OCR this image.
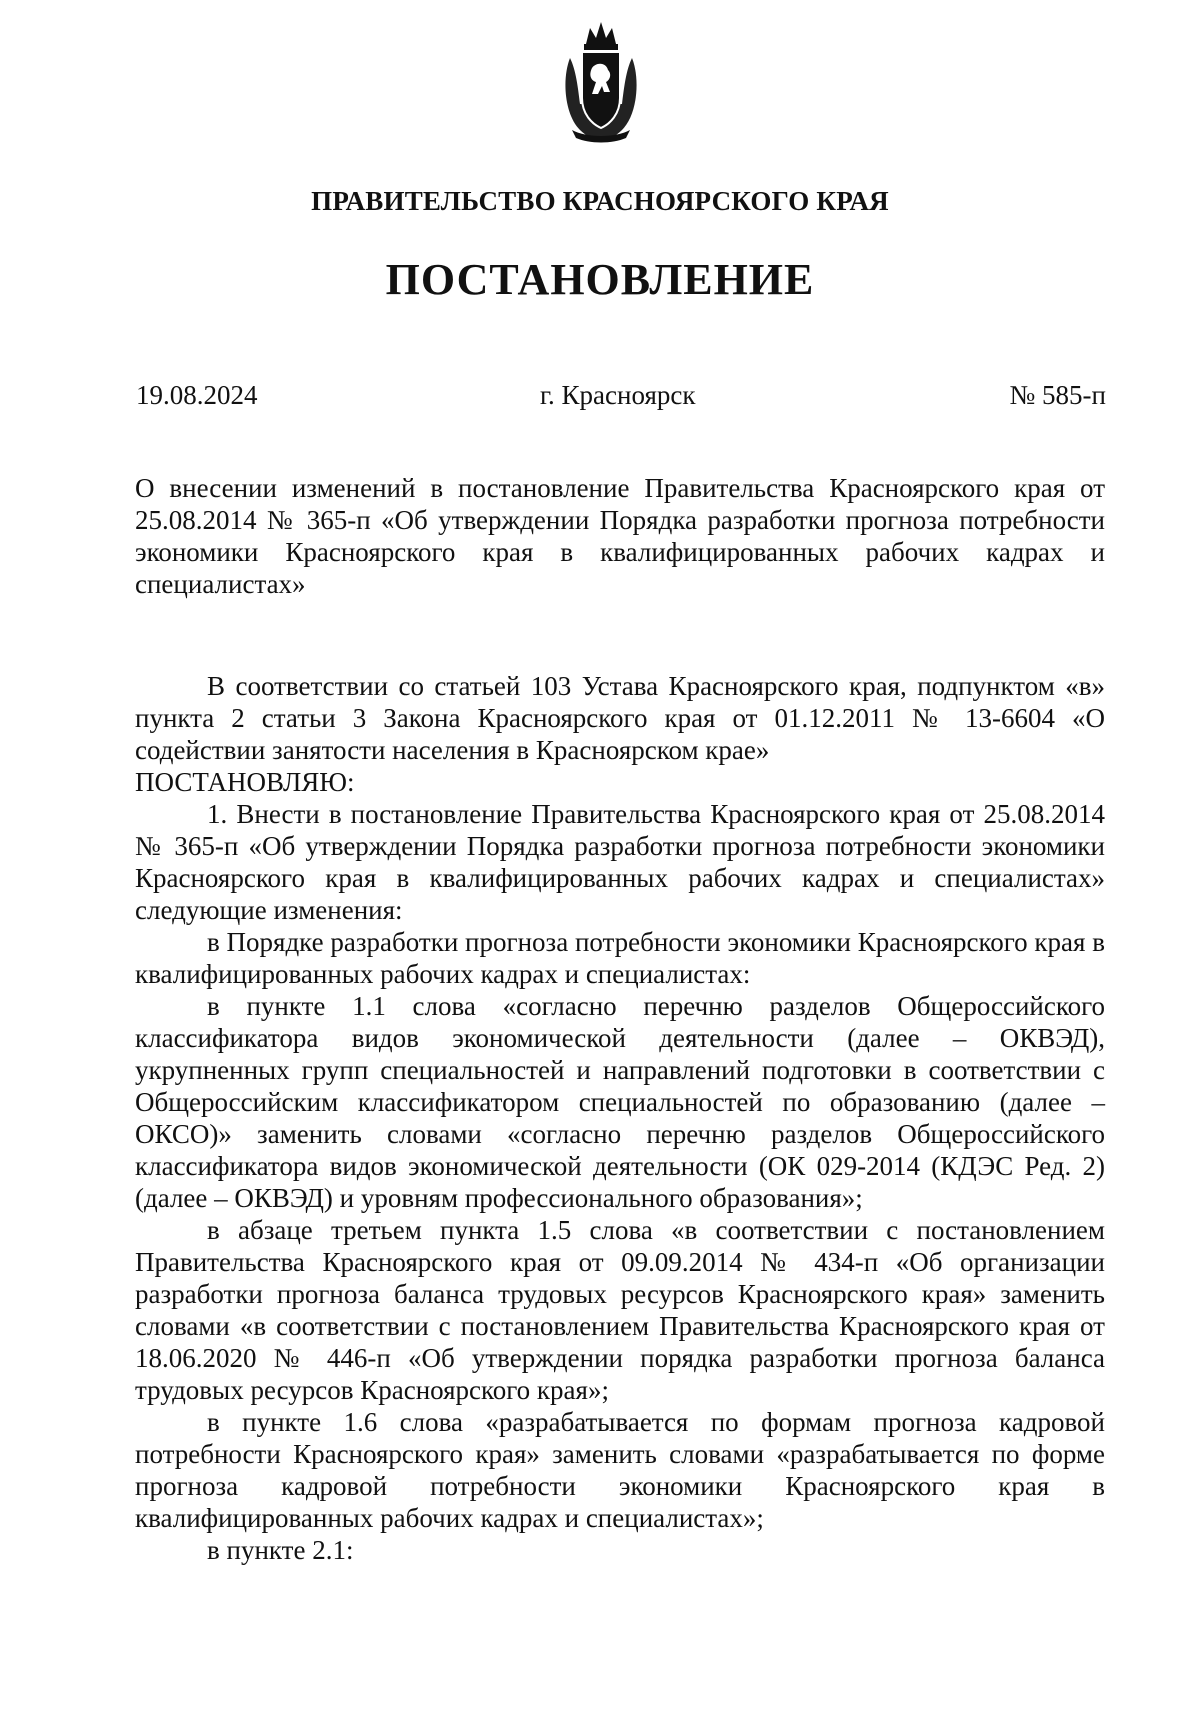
ПРАВИТЕЛЬСТВО КРАСНОЯРСКОГО КРАЯ
ПОСТАНОВЛЕНИЕ
19.08.2024	г. Красноярск	№ 585-п
О внесении изменений в постановление Правительства Красноярского края от 25.08.2014 № 365-п «Об утверждении Порядка разработки прогноза потребности экономики Красноярского края в квалифицированных рабочих кадрах и специалистах»

В соответствии со статьей 103 Устава Красноярского края, подпунктом «в» пункта 2 статьи 3 Закона Красноярского края от 01.12.2011 № 13-6604 «О содействии занятости населения в Красноярском крае»

ПОСТАНОВЛЯЮ:

1. Внести в постановление Правительства Красноярского края от 25.08.2014 № 365-п «Об утверждении Порядка разработки прогноза потребности экономики Красноярского края в квалифицированных рабочих кадрах и специалистах» следующие изменения:

в Порядке разработки прогноза потребности экономики Красноярского края в квалифицированных рабочих кадрах и специалистах:

в пункте 1.1 слова «согласно перечню разделов Общероссийского классификатора видов экономической деятельности (далее – ОКВЭД), укрупненных групп специальностей и направлений подготовки в соответствии с Общероссийским классификатором специальностей по образованию (далее – ОКСО)» заменить словами «согласно перечню разделов Общероссийского классификатора видов экономической деятельности (ОК 029-2014 (КДЭС Ред. 2) (далее – ОКВЭД) и уровням профессионального образования»;

в абзаце третьем пункта 1.5 слова «в соответствии с постановлением Правительства Красноярского края от 09.09.2014 № 434-п «Об организации разработки прогноза баланса трудовых ресурсов Красноярского края» заменить словами «в соответствии с постановлением Правительства Красноярского края от 18.06.2020 № 446-п «Об утверждении порядка разработки прогноза баланса трудовых ресурсов Красноярского края»;

в пункте 1.6 слова «разрабатывается по формам прогноза кадровой потребности Красноярского края» заменить словами «разрабатывается по форме прогноза кадровой потребности экономики Красноярского края в квалифицированных рабочих кадрах и специалистах»;

в пункте 2.1:
